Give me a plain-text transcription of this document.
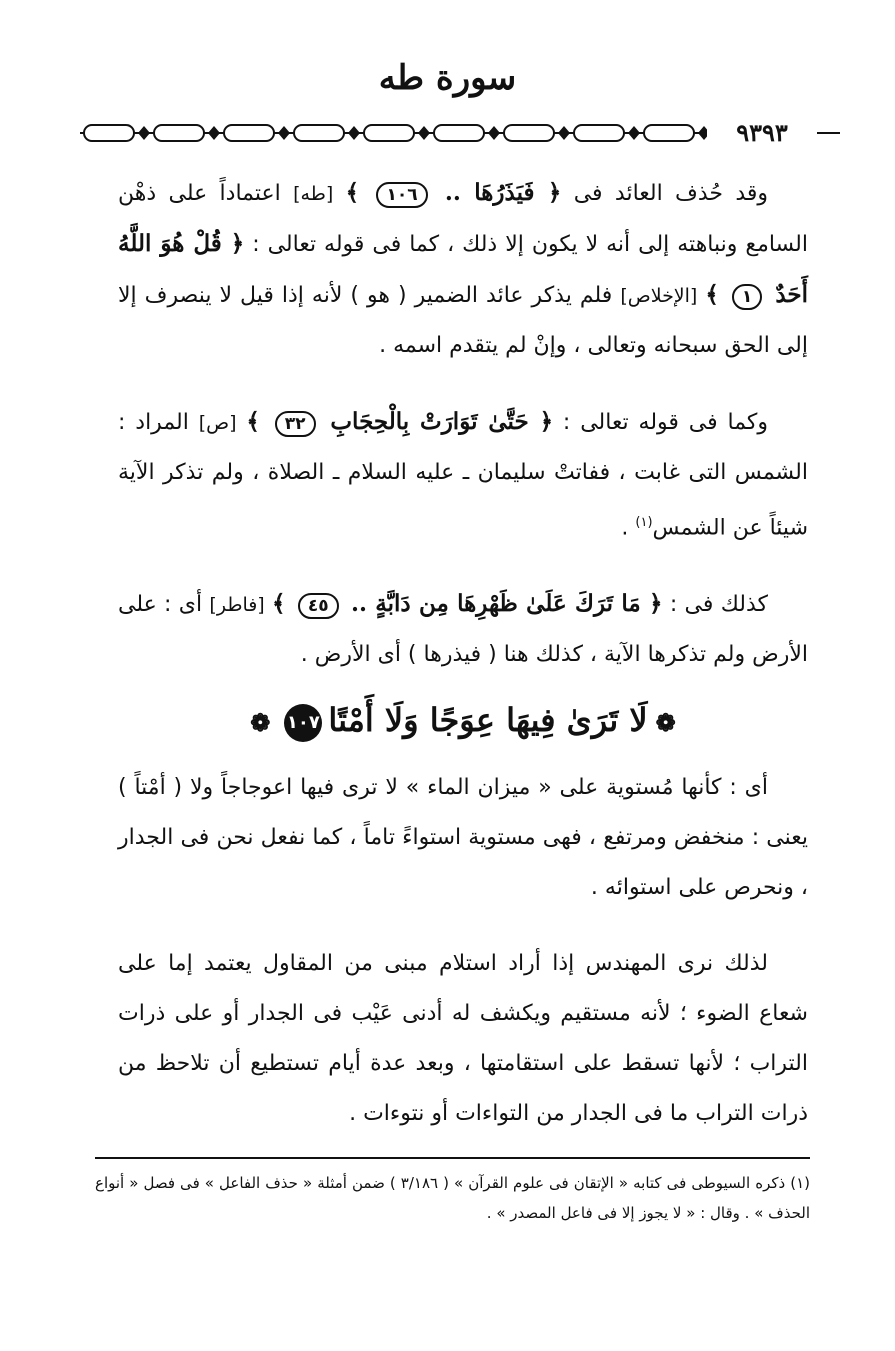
سورة طه
٩٣٩٣

وقد حُذف العائد فى ﴿ فَيَذَرُهَا .. ١٠٦ ﴾ [طه] اعتماداً على ذهْن السامع ونباهته إلى أنه لا يكون إلا ذلك ، كما فى قوله تعالى : ﴿ قُلْ هُوَ اللَّهُ أَحَدٌ ١ ﴾ [الإخلاص] فلم يذكر عائد الضمير ( هو ) لأنه إذا قيل لا ينصرف إلا إلى الحق سبحانه وتعالى ، وإنْ لم يتقدم اسمه .

وكما فى قوله تعالى : ﴿ حَتَّىٰ تَوَارَتْ بِالْحِجَابِ ٣٢ ﴾ [ص] المراد : الشمس التى غابت ، ففاتتْ سليمان ـ عليه السلام ـ الصلاة ، ولم تذكر الآية شيئاً عن الشمس$^{(١)}$ .

كذلك فى : ﴿ مَا تَرَكَ عَلَىٰ ظَهْرِهَا مِن دَابَّةٍ .. ٤٥ ﴾ [فاطر] أى : على الأرض ولم تذكرها الآية ، كذلك هنا ( فيذرها ) أى الأرض .

❁لَا تَرَىٰ فِيهَا عِوَجًا وَلَا أَمْتًا١٠٧❁

أى : كأنها مُستوية على « ميزان الماء » لا ترى فيها اعوجاجاً ولا ( أمْتاً ) يعنى : منخفض ومرتفع ، فهى مستوية استواءً تاماً ، كما نفعل نحن فى الجدار ، ونحرص على استوائه .

لذلك نرى المهندس إذا أراد استلام مبنى من المقاول يعتمد إما على شعاع الضوء ؛ لأنه مستقيم ويكشف له أدنى عَيْب فى الجدار أو على ذرات التراب ؛ لأنها تسقط على استقامتها ، وبعد عدة أيام تستطيع أن تلاحظ من ذرات التراب ما فى الجدار من التواءات أو نتوءات .

(١) ذكره السيوطى فى كتابه « الإتقان فى علوم القرآن » ( ٣/١٨٦ ) ضمن أمثلة « حذف الفاعل » فى فصل « أنواع الحذف » . وقال : « لا يجوز إلا فى فاعل المصدر » .
